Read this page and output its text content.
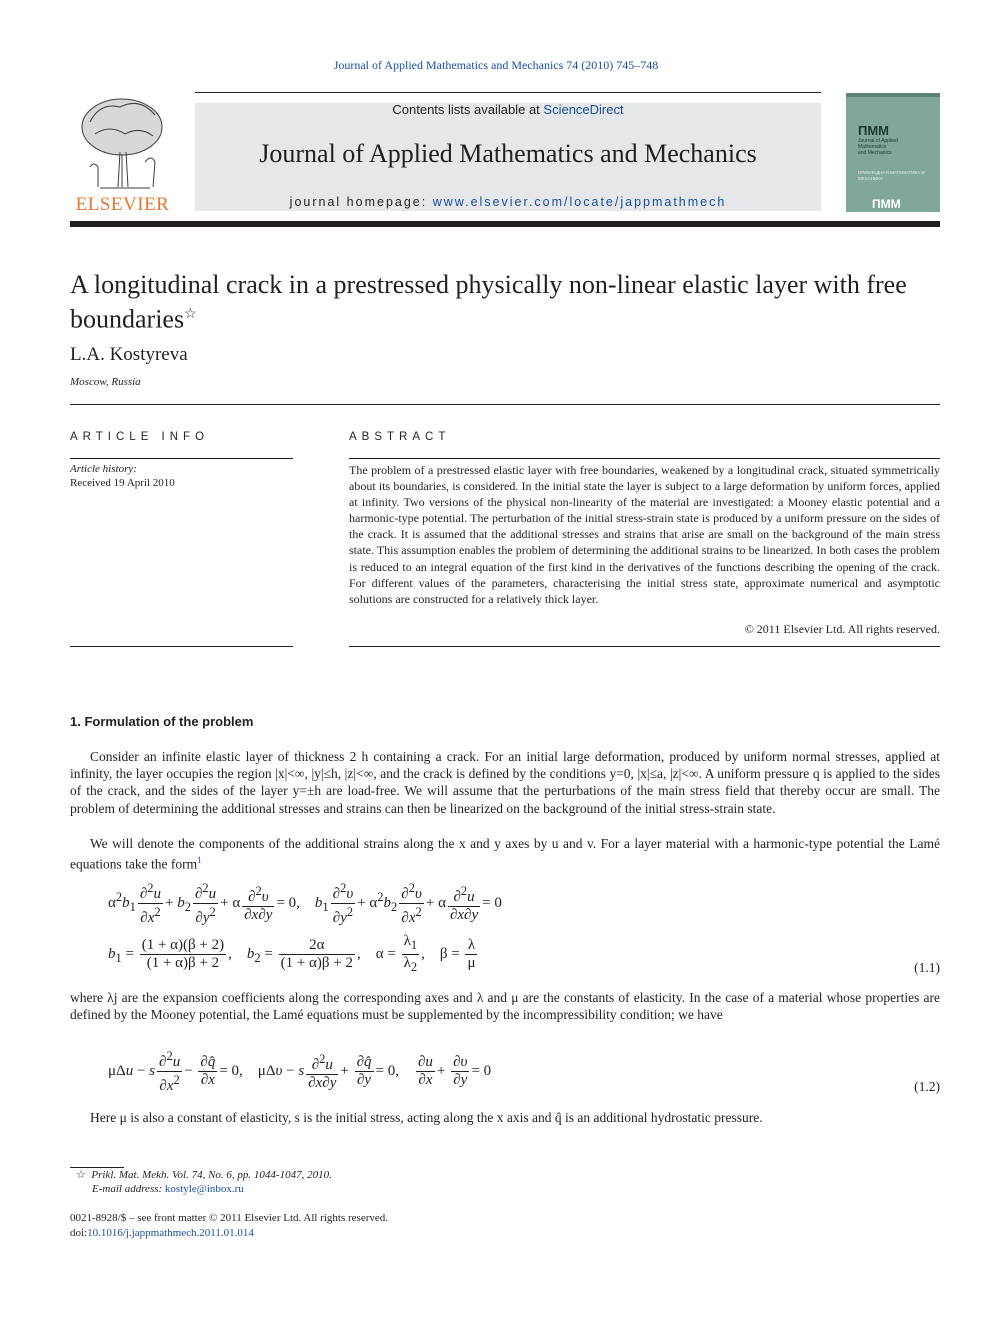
Journal of Applied Mathematics and Mechanics 74 (2010) 745–748
ELSEVIER
Contents lists available at ScienceDirect
Journal of Applied Mathematics and Mechanics
journal homepage: www.elsevier.com/locate/jappmathmech
ПММ
Journal of Applied
Mathematics
and Mechanics
ПРИКЛАДНАЯ МАТЕМАТИКА И МЕХАНИКА
ПММ
A longitudinal crack in a prestressed physically non-linear elastic layer with free boundaries☆
L.A. Kostyreva
Moscow, Russia
ARTICLE INFO
Article history:
Received 19 April 2010
ABSTRACT
The problem of a prestressed elastic layer with free boundaries, weakened by a longitudinal crack, situated symmetrically about its boundaries, is considered. In the initial state the layer is subject to a large deformation by uniform forces, applied at infinity. Two versions of the physical non-linearity of the material are investigated: a Mooney elastic potential and a harmonic-type potential. The perturbation of the initial stress-strain state is produced by a uniform pressure on the sides of the crack. It is assumed that the additional stresses and strains that arise are small on the background of the main stress state. This assumption enables the problem of determining the additional strains to be linearized. In both cases the problem is reduced to an integral equation of the first kind in the derivatives of the functions describing the opening of the crack. For different values of the parameters, characterising the initial stress state, approximate numerical and asymptotic solutions are constructed for a relatively thick layer.
© 2011 Elsevier Ltd. All rights reserved.
1. Formulation of the problem
Consider an infinite elastic layer of thickness 2 h containing a crack. For an initial large deformation, produced by uniform normal stresses, applied at infinity, the layer occupies the region |x|<∞, |y|≤h, |z|<∞, and the crack is defined by the conditions y=0, |x|≤a, |z|<∞. A uniform pressure q is applied to the sides of the crack, and the sides of the layer y=±h are load-free. We will assume that the perturbations of the main stress field that thereby occur are small. The problem of determining the additional stresses and strains can then be linearized on the background of the initial stress-strain state.
We will denote the components of the additional strains along the x and y axes by u and v. For a layer material with a harmonic-type potential the Lamé equations take the form$^1$
$\alpha^2b_1 \frac{\partial^2u}{\partial x^2} + b_2 \frac{\partial^2u}{\partial y^2} + \alpha \frac{\partial^2\upsilon}{\partial x\partial y} = 0$,    $b_1 \frac{\partial^2\upsilon}{\partial y^2} + \alpha^2b_2 \frac{\partial^2\upsilon}{\partial x^2} + \alpha \frac{\partial^2u}{\partial x\partial y} = 0$
$b_1 = \frac{(1 + \alpha)(\beta + 2)}{(1 + \alpha)\beta + 2}$ ,    $b_2 = \frac{2\alpha}{(1 + \alpha)\beta + 2}$ ,    $\alpha = \frac{\lambda_1}{\lambda_2}$ ,    $\beta = \frac{\lambda}{\mu}$	(1.1)
where λj are the expansion coefficients along the corresponding axes and λ and μ are the constants of elasticity. In the case of a material whose properties are defined by the Mooney potential, the Lamé equations must be supplemented by the incompressibility condition; we have
μΔu − s $\frac{\partial^2u}{\partial x^2} - \frac{\partial q̂}{\partial x} = 0$,    μΔυ − s $\frac{\partial^2u}{\partial x\partial y} + \frac{\partial q̂}{\partial y} = 0$, $\frac{\partial u}{\partial x} + \frac{\partial\upsilon}{\partial y} = 0$
(1.2)
Here μ is also a constant of elasticity, s is the initial stress, acting along the x axis and q̂ is an additional hydrostatic pressure.
☆ Prikl. Mat. Mekh. Vol. 74, No. 6, pp. 1044-1047, 2010.
E-mail address: kostyle@inbox.ru
0021-8928/$ – see front matter © 2011 Elsevier Ltd. All rights reserved.
doi:10.1016/j.jappmathmech.2011.01.014
